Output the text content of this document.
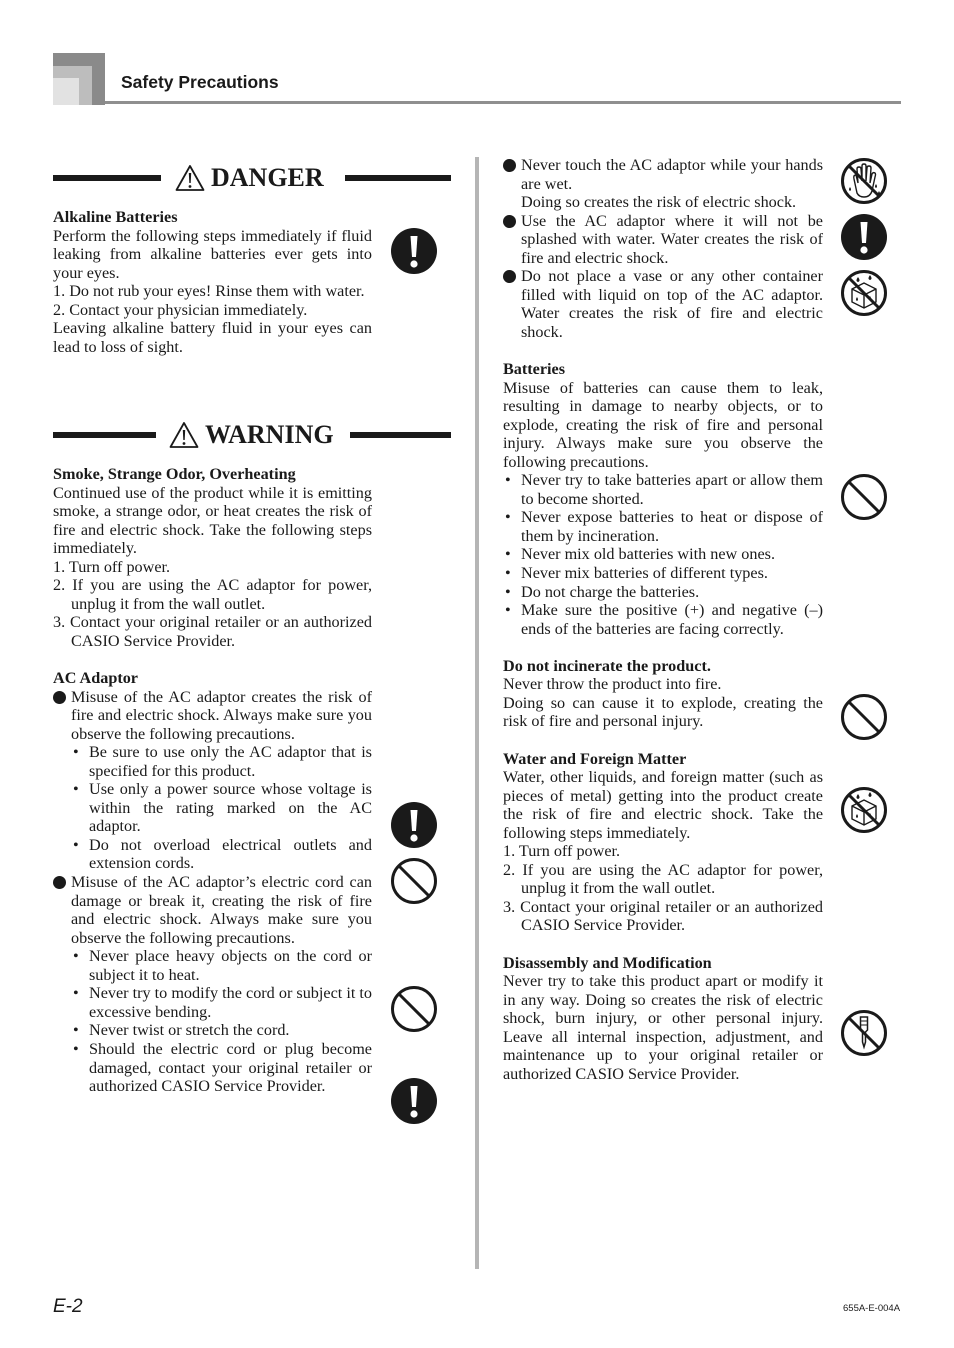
Safety Precautions
DANGER

Alkaline Batteries

Perform the following steps immediately if fluid leaking from alkaline batteries ever gets into your eyes.

1. Do not rub your eyes! Rinse them with water.

2. Contact your physician immediately.

Leaving alkaline battery fluid in your eyes can lead to loss of sight.

WARNING

Smoke, Strange Odor, Overheating

Continued use of the product while it is emitting smoke, a strange odor, or heat creates the risk of fire and electric shock. Take the following steps immediately.

1. Turn off power.

2. If you are using the AC adaptor for power, unplug it from the wall outlet.

3. Contact your original retailer or an authorized CASIO Service Provider.

AC Adaptor

Misuse of the AC adaptor creates the risk of fire and electric shock. Always make sure you observe the following precautions.
• Be sure to use only the AC adaptor that is specified for this product.
• Use only a power source whose voltage is within the rating marked on the AC adaptor.
• Do not overload electrical outlets and extension cords.
Misuse of the AC adaptor’s electric cord can damage or break it, creating the risk of fire and electric shock. Always make sure you observe the following precautions.
• Never place heavy objects on the cord or subject it to heat.
• Never try to modify the cord or subject it to excessive bending.
• Never twist or stretch the cord.
• Should the electric cord or plug become damaged, contact your original retailer or authorized CASIO Service Provider.
Never touch the AC adaptor while your hands are wet.

Doing so creates the risk of electric shock.

Use the AC adaptor where it will not be splashed with water. Water creates the risk of fire and electric shock.
Do not place a vase or any other container filled with liquid on top of the AC adaptor. Water creates the risk of fire and electric shock.

Batteries

Misuse of batteries can cause them to leak, resulting in damage to nearby objects, or to explode, creating the risk of fire and personal injury. Always make sure you observe the following precautions.

• Never try to take batteries apart or allow them to become shorted.
• Never expose batteries to heat or dispose of them by incineration.
• Never mix old batteries with new ones.
• Never mix batteries of different types.
• Do not charge the batteries.
• Make sure the positive (+) and negative (–) ends of the batteries are facing correctly.

Do not incinerate the product.

Never throw the product into fire.

Doing so can cause it to explode, creating the risk of fire and personal injury.

Water and Foreign Matter

Water, other liquids, and foreign matter (such as pieces of metal) getting into the product create the risk of fire and electric shock. Take the following steps immediately.

1. Turn off power.

2. If you are using the AC adaptor for power, unplug it from the wall outlet.

3. Contact your original retailer or an authorized CASIO Service Provider.

Disassembly and Modification

Never try to take this product apart or modify it in any way. Doing so creates the risk of electric shock, burn injury, or other personal injury. Leave all internal inspection, adjustment, and maintenance up to your original retailer or authorized CASIO Service Provider.

E-2	655A-E-004A
